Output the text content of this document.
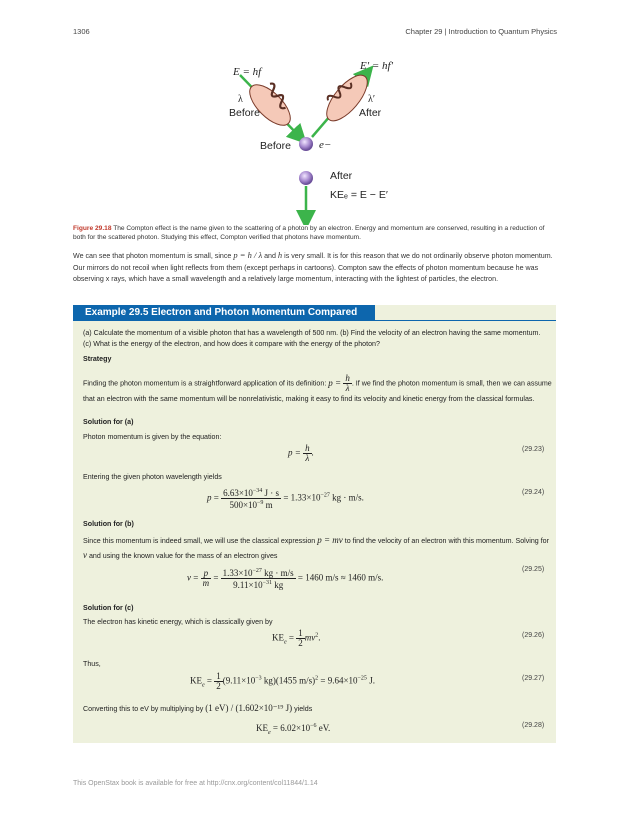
1306	Chapter 29 | Introduction to Quantum Physics
E = hf	E′ = hf′
λ	λ′
Before	After
Before	e−
After
KEₑ = E − E′
Figure 29.18 The Compton effect is the name given to the scattering of a photon by an electron. Energy and momentum are conserved, resulting in a reduction of both for the scattered photon. Studying this effect, Compton verified that photons have momentum.
We can see that photon momentum is small, since p = h / λ and h is very small. It is for this reason that we do not ordinarily observe photon momentum. Our mirrors do not recoil when light reflects from them (except perhaps in cartoons). Compton saw the effects of photon momentum because he was observing x rays, which have a small wavelength and a relatively large momentum, interacting with the lightest of particles, the electron.
Example 29.5 Electron and Photon Momentum Compared
(a) Calculate the momentum of a visible photon that has a wavelength of 500 nm. (b) Find the velocity of an electron having the same momentum. (c) What is the energy of the electron, and how does it compare with the energy of the photon?
Strategy
Finding the photon momentum is a straightforward application of its definition: $p = \frac{h}{\lambda}$ . If we find the photon momentum is small, then we can assume that an electron with the same momentum will be nonrelativistic, making it easy to find its velocity and kinetic energy from the classical formulas.
Solution for (a)
Photon momentum is given by the equation:
$p = \frac{h}{\lambda}$ .	(29.23)
Entering the given photon wavelength yields
$p = \frac{6.63\times 10^{-34} J \cdot s}{500\times 10^{-9} m} = 1.33\times 10^{-27}$ kg · m/s.
(29.24)
Solution for (b)
Since this momentum is indeed small, we will use the classical expression p = mv to find the velocity of an electron with this momentum. Solving for v and using the known value for the mass of an electron gives
$v = \frac{p}{m} = \frac{1.33\times 10^{-27} kg \cdot m/s}{9.11\times 10^{-31} kg} = 1460$ m/s ≈ 1460 m/s.
(29.25)
Solution for (c)
The electron has kinetic energy, which is classically given by
$KE_e = \frac{1}{2} mv^2$.	(29.26)
Thus,
$KE_e = \frac{1}{2} (9.11\times 10^{-3}$ kg)(1455 $m/s)^2 = 9.64\times 10^{-25}$ J.	(29.27)
Converting this to eV by multiplying by (1 eV) / (1.602×10⁻¹⁹ J) yields
$KE_e = 6.02\times 10^{-6}$ eV.	(29.28)
This OpenStax book is available for free at http://cnx.org/content/col11844/1.14
